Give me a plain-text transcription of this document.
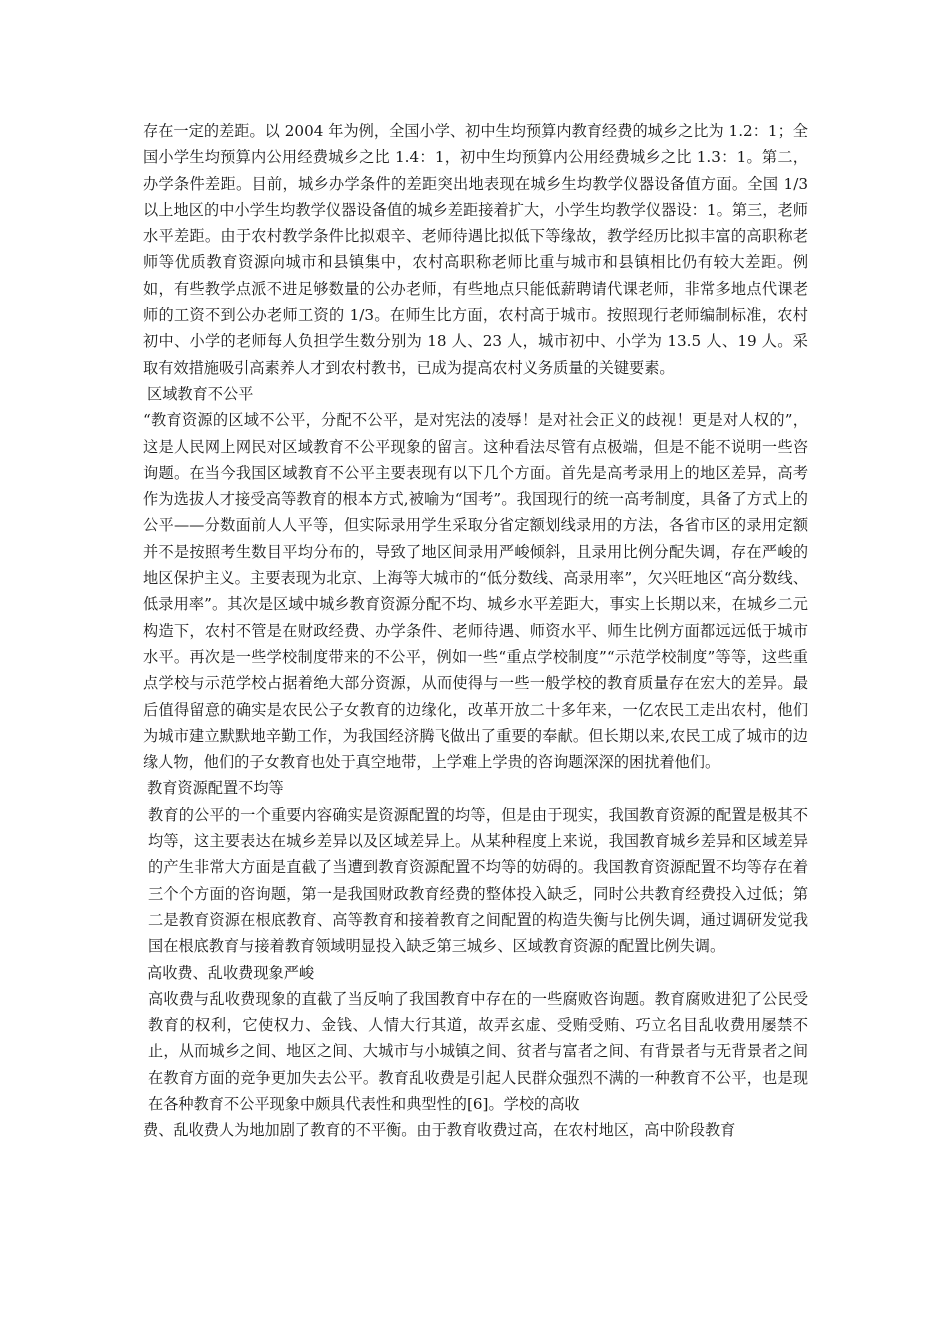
存在一定的差距。以 2004 年为例，全国小学、初中生均预算内教育经费的城乡之比为 1.2：1；全国小学生均预算内公用经费城乡之比 1.4：1，初中生均预算内公用经费城乡之比 1.3：1。第二，办学条件差距。目前，城乡办学条件的差距突出地表现在城乡生均教学仪器设备值方面。全国 1/3 以上地区的中小学生均教学仪器设备值的城乡差距接着扩大，小学生均教学仪器设：1。第三，老师水平差距。由于农村教学条件比拟艰辛、老师待遇比拟低下等缘故，教学经历比拟丰富的高职称老师等优质教育资源向城市和县镇集中，农村高职称老师比重与城市和县镇相比仍有较大差距。例如，有些教学点派不进足够数量的公办老师，有些地点只能低薪聘请代课老师，非常多地点代课老师的工资不到公办老师工资的 1/3。在师生比方面，农村高于城市。按照现行老师编制标准，农村初中、小学的老师每人负担学生数分别为 18 人、23 人，城市初中、小学为 13.5 人、19 人。采取有效措施吸引高素养人才到农村教书，已成为提高农村义务质量的关键要素。

区域教育不公平

“教育资源的区域不公平，分配不公平，是对宪法的凌辱！是对社会正义的歧视！更是对人权的”，这是人民网上网民对区域教育不公平现象的留言。这种看法尽管有点极端，但是不能不说明一些咨询题。在当今我国区域教育不公平主要表现有以下几个方面。首先是高考录用上的地区差异，高考作为选拔人才接受高等教育的根本方式,被喻为“国考”。我国现行的统一高考制度，具备了方式上的公平——分数面前人人平等，但实际录用学生采取分省定额划线录用的方法，各省市区的录用定额并不是按照考生数目平均分布的，导致了地区间录用严峻倾斜，且录用比例分配失调，存在严峻的地区保护主义。主要表现为北京、上海等大城市的“低分数线、高录用率”，欠兴旺地区“高分数线、低录用率”。其次是区域中城乡教育资源分配不均、城乡水平差距大，事实上长期以来，在城乡二元构造下，农村不管是在财政经费、办学条件、老师待遇、师资水平、师生比例方面都远远低于城市水平。再次是一些学校制度带来的不公平，例如一些“重点学校制度”“示范学校制度”等等，这些重点学校与示范学校占据着绝大部分资源，从而使得与一些一般学校的教育质量存在宏大的差异。最后值得留意的确实是农民公子女教育的边缘化，改革开放二十多年来，一亿农民工走出农村，他们为城市建立默默地辛勤工作，为我国经济腾飞做出了重要的奉献。但长期以来,农民工成了城市的边缘人物，他们的子女教育也处于真空地带，上学难上学贵的咨询题深深的困扰着他们。

教育资源配置不均等

教育的公平的一个重要内容确实是资源配置的均等，但是由于现实，我国教育资源的配置是极其不均等，这主要表达在城乡差异以及区域差异上。从某种程度上来说，我国教育城乡差异和区域差异的产生非常大方面是直截了当遭到教育资源配置不均等的妨碍的。我国教育资源配置不均等存在着三个个方面的咨询题，第一是我国财政教育经费的整体投入缺乏，同时公共教育经费投入过低；第二是教育资源在根底教育、高等教育和接着教育之间配置的构造失衡与比例失调，通过调研发觉我国在根底教育与接着教育领域明显投入缺乏第三城乡、区域教育资源的配置比例失调。

高收费、乱收费现象严峻

高收费与乱收费现象的直截了当反响了我国教育中存在的一些腐败咨询题。教育腐败进犯了公民受教育的权利，它使权力、金钱、人情大行其道，故弄玄虚、受贿受贿、巧立名目乱收费用屡禁不止，从而城乡之间、地区之间、大城市与小城镇之间、贫者与富者之间、有背景者与无背景者之间在教育方面的竞争更加失去公平。教育乱收费是引起人民群众强烈不满的一种教育不公平，也是现在各种教育不公平现象中颇具代表性和典型性的[6]。学校的高收

费、乱收费人为地加剧了教育的不平衡。由于教育收费过高，在农村地区，高中阶段教育
